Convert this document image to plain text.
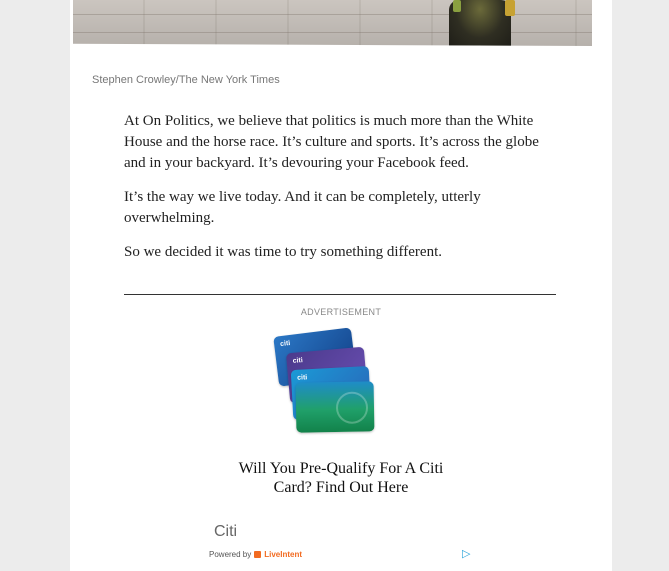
Stephen Crowley/The New York Times

At On Politics, we believe that politics is much more than the White House and the horse race. It’s culture and sports. It’s across the globe and in your backyard. It’s devouring your Facebook feed.

It’s the way we live today. And it can be completely, utterly overwhelming.

So we decided it was time to try something different.

ADVERTISEMENT
citi
citi
citi
Will You Pre-Qualify For A Citi
Card? Find Out Here
Citi
Powered by LiveIntent	▷
